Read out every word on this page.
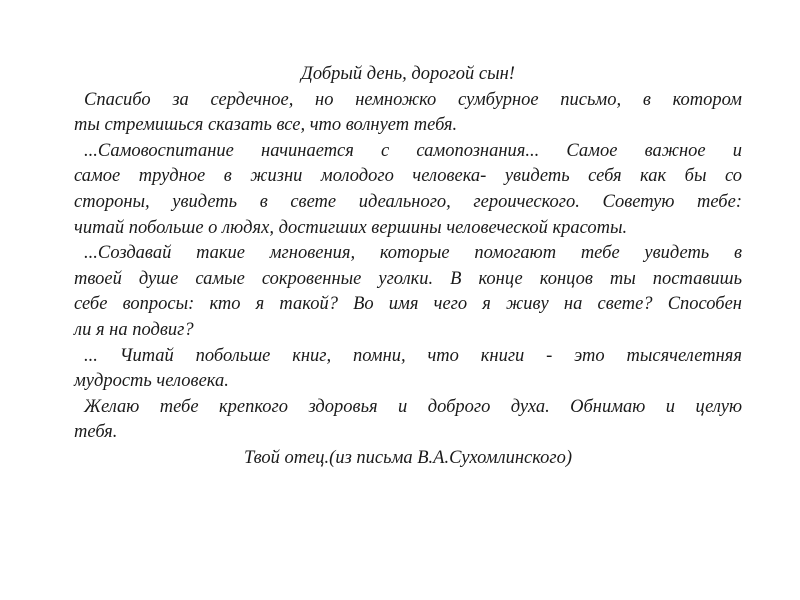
Добрый день, дорогой сын!
Спасибо за сердечное, но немножко сумбурное письмо, в котором
ты стремишься сказать все, что волнует тебя.
...Самовоспитание начинается с самопознания... Самое важное и
самое трудное в жизни молодого человека- увидеть себя как бы со
стороны, увидеть в свете идеального, героического. Советую тебе:
читай побольше о людях, достигших вершины человеческой красоты.
...Создавай такие мгновения, которые помогают тебе увидеть в
твоей душе самые сокровенные уголки. В конце концов ты поставишь
себе вопросы: кто я такой? Во имя чего я живу на свете? Способен
ли я на подвиг?
... Читай побольше книг, помни, что книги - это тысячелетняя
мудрость человека.
Желаю тебе крепкого здоровья и доброго духа. Обнимаю и целую
тебя.
Твой отец.(из письма В.А.Сухомлинского)
